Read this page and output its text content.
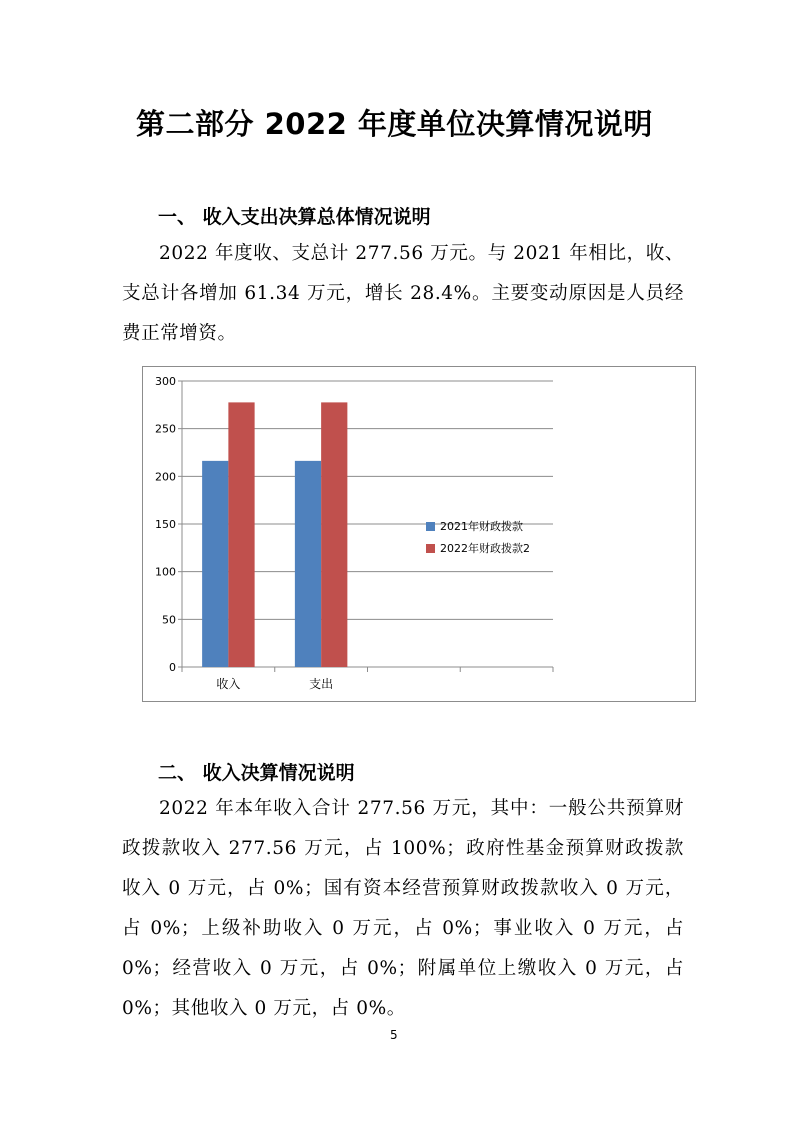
第二部分 2022 年度单位决算情况说明
一、 收入支出决算总体情况说明
2022 年度收、支总计 277.56 万元。与 2021 年相比，收、支总计各增加 61.34 万元，增长 28.4%。主要变动原因是人员经费正常增资。
0
50
100
150
200
250
300
收入	支出
2021年财政拨款
2022年财政拨款2
二、 收入决算情况说明
2022 年本年收入合计 277.56 万元，其中：一般公共预算财政拨款收入 277.56 万元，占 100%；政府性基金预算财政拨款收入 0 万元，占 0%；国有资本经营预算财政拨款收入 0 万元，占 0%；上级补助收入 0 万元，占 0%；事业收入 0 万元，占 0%；经营收入 0 万元，占 0%；附属单位上缴收入 0 万元，占 0%；其他收入 0 万元，占 0%。
5
